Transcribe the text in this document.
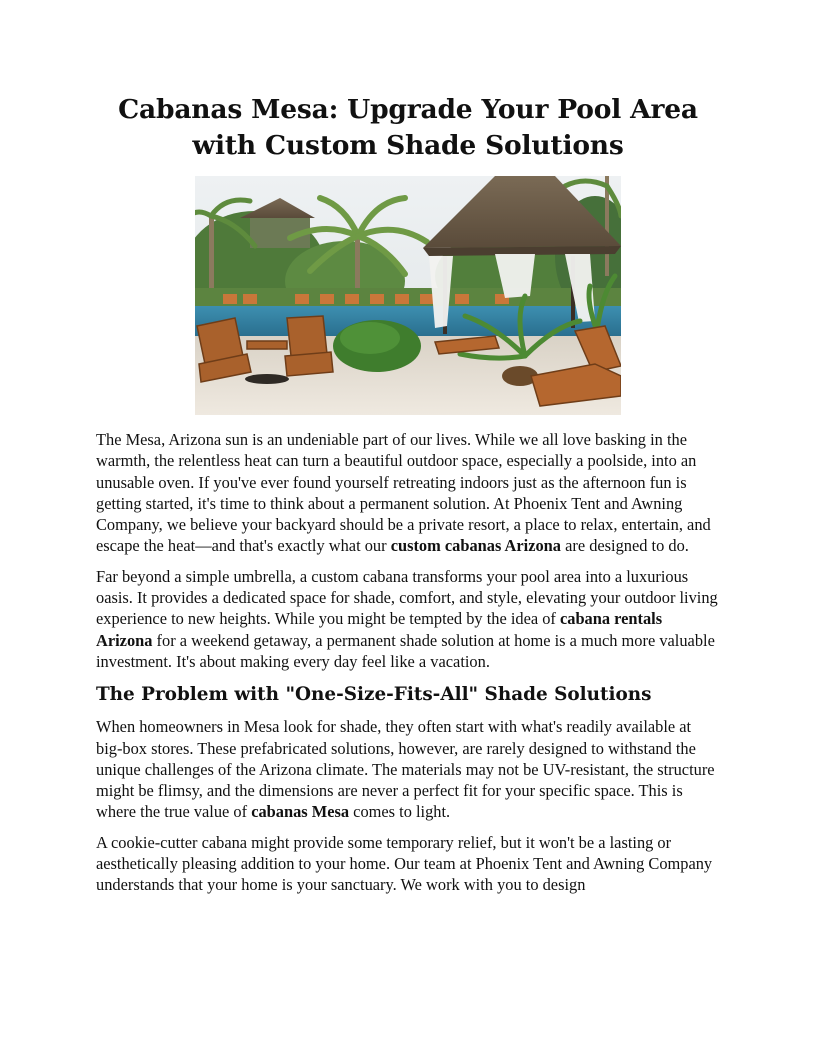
Cabanas Mesa: Upgrade Your Pool Area with Custom Shade Solutions

The Mesa, Arizona sun is an undeniable part of our lives. While we all love basking in the warmth, the relentless heat can turn a beautiful outdoor space, especially a poolside, into an unusable oven. If you've ever found yourself retreating indoors just as the afternoon fun is getting started, it's time to think about a permanent solution. At Phoenix Tent and Awning Company, we believe your backyard should be a private resort, a place to relax, entertain, and escape the heat—and that's exactly what our custom cabanas Arizona are designed to do.

Far beyond a simple umbrella, a custom cabana transforms your pool area into a luxurious oasis. It provides a dedicated space for shade, comfort, and style, elevating your outdoor living experience to new heights. While you might be tempted by the idea of cabana rentals Arizona for a weekend getaway, a permanent shade solution at home is a much more valuable investment. It's about making every day feel like a vacation.

The Problem with "One-Size-Fits-All" Shade Solutions

When homeowners in Mesa look for shade, they often start with what's readily available at big-box stores. These prefabricated solutions, however, are rarely designed to withstand the unique challenges of the Arizona climate. The materials may not be UV-resistant, the structure might be flimsy, and the dimensions are never a perfect fit for your specific space. This is where the true value of cabanas Mesa comes to light.

A cookie-cutter cabana might provide some temporary relief, but it won't be a lasting or aesthetically pleasing addition to your home. Our team at Phoenix Tent and Awning Company understands that your home is your sanctuary. We work with you to design
